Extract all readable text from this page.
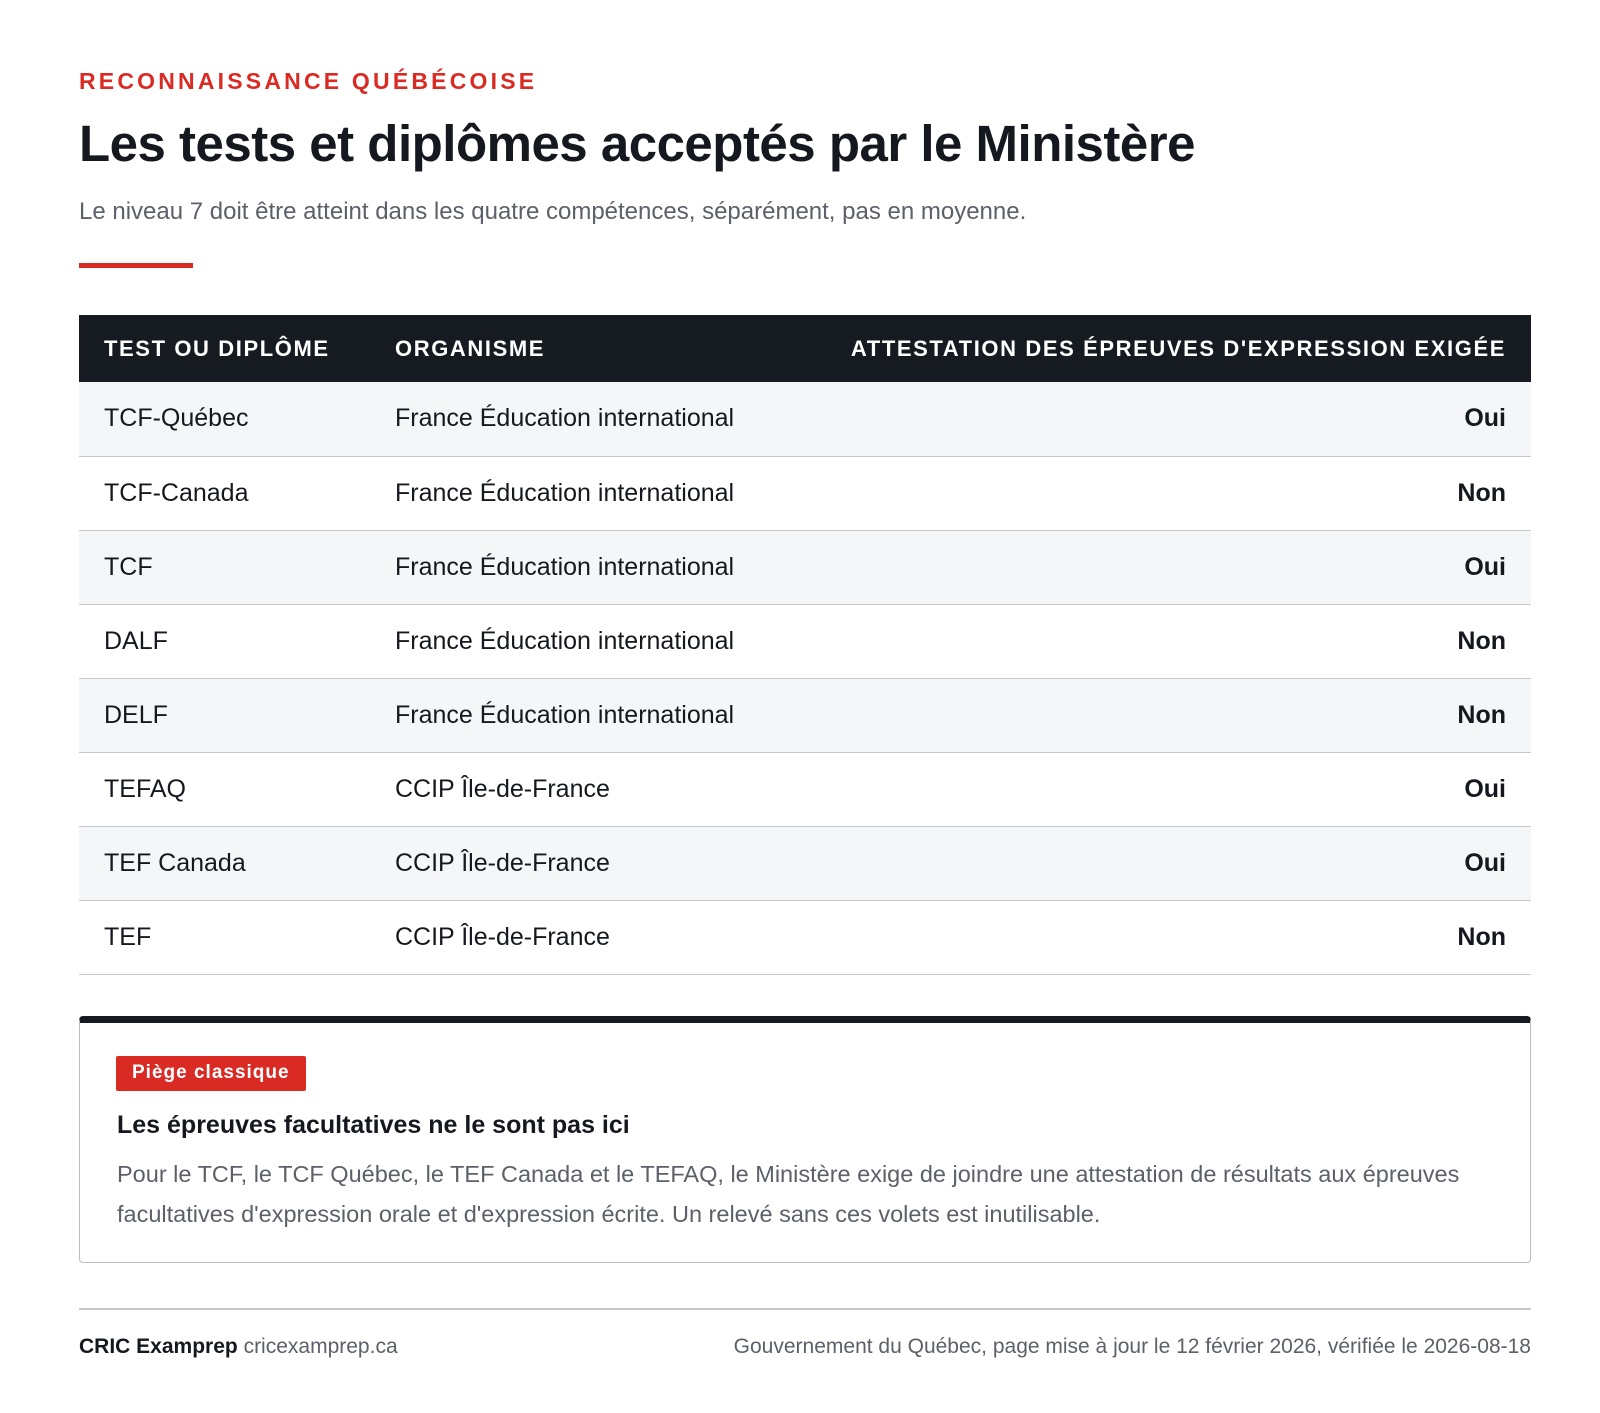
RECONNAISSANCE QUÉBÉCOISE
Les tests et diplômes acceptés par le Ministère

Le niveau 7 doit être atteint dans les quatre compétences, séparément, pas en moyenne.

TEST OU DIPLÔME	ORGANISME	ATTESTATION DES ÉPREUVES D'EXPRESSION EXIGÉE
TCF-Québec	France Éducation international	Oui
TCF-Canada	France Éducation international	Non
TCF	France Éducation international	Oui
DALF	France Éducation international	Non
DELF	France Éducation international	Non
TEFAQ	CCIP Île-de-France	Oui
TEF Canada	CCIP Île-de-France	Oui
TEF	CCIP Île-de-France	Non
Piège classique
Les épreuves facultatives ne le sont pas ici

Pour le TCF, le TCF Québec, le TEF Canada et le TEFAQ, le Ministère exige de joindre une attestation de résultats aux épreuves facultatives d'expression orale et d'expression écrite. Un relevé sans ces volets est inutilisable.

CRIC Examprep cricexamprep.ca	Gouvernement du Québec, page mise à jour le 12 février 2026, vérifiée le 2026-08-18
